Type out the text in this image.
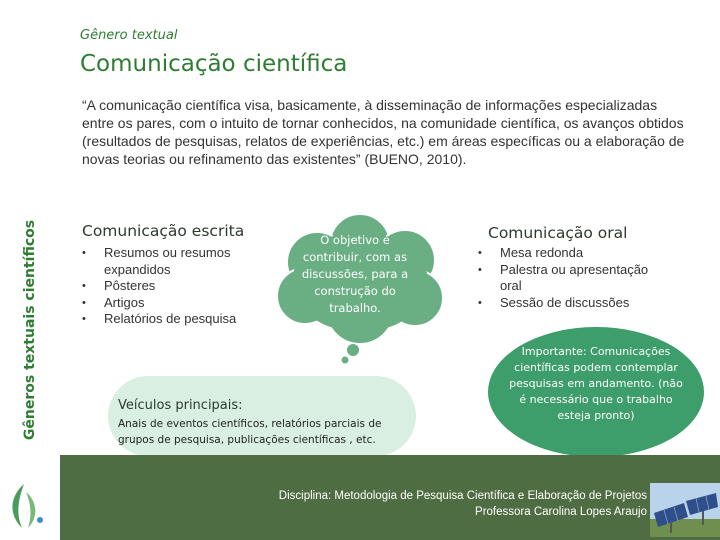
Gêneros textuais científicos
Gênero textual
Comunicação científica
“A comunicação científica visa, basicamente, à disseminação de informações especializadas entre os pares, com o intuito de tornar conhecidos, na comunidade científica, os avanços obtidos (resultados de pesquisas, relatos de experiências, etc.) em áreas específicas ou a elaboração de novas teorias ou refinamento das existentes” (BUENO, 2010).
Comunicação escrita
• Resumos ou resumos expandidos
• Pôsteres
• Artigos
• Relatórios de pesquisa
Comunicação oral
• Mesa redonda
• Palestra ou apresentação oral
• Sessão de discussões
O objetivo é contribuir, com as discussões, para a construção do trabalho.
Veículos principais:
Anais de eventos científicos, relatórios parciais de grupos de pesquisa, publicações científicas , etc.
Importante: Comunicações científicas podem contemplar pesquisas em andamento. (não é necessário que o trabalho esteja pronto)
Disciplina: Metodologia de Pesquisa Científica e Elaboração de Projetos
Professora Carolina Lopes Araujo
